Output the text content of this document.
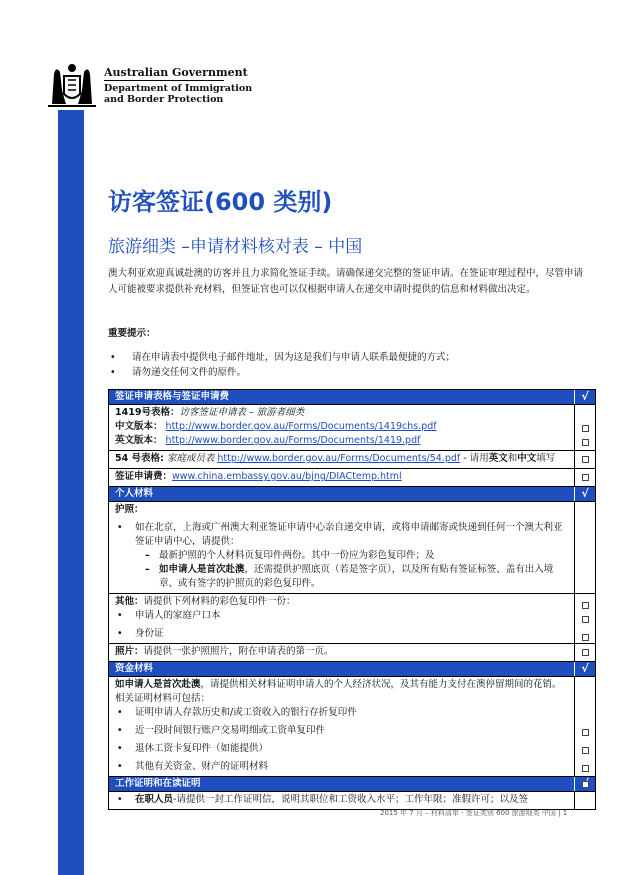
Australian Government
Department of Immigration
and Border Protection
访客签证(600 类别)
旅游细类 –申请材料核对表 – 中国
澳大利亚欢迎真诚赴澳的访客并且力求简化签证手续。请确保递交完整的签证申请。在签证审理过程中，尽管申请人可能被要求提供补充材料，但签证官也可以仅根据申请人在递交申请时提供的信息和材料做出决定。
重要提示：
• 请在申请表中提供电子邮件地址，因为这是我们与申请人联系最便捷的方式；
• 请勿递交任何文件的原件。
签证申请表格与签证申请费	√
1419号表格：访客签证申请表 – 旅游者细类
中文版本： http://www.border.gov.au/Forms/Documents/1419chs.pdf
英文版本： http://www.border.gov.au/Forms/Documents/1419.pdf
54 号表格: 家庭成员表 http://www.border.gov.au/Forms/Documents/54.pdf - 请用英文和中文填写
签证申请费：www.china.embassy.gov.au/bjng/DIACtemp.html
个人材料	√
护照：
• 如在北京，上海或广州澳大利亚签证申请中心亲自递交申请，或将申请邮寄或快递到任何一个澳大利亚签证申请中心，请提供：
– 最新护照的个人材料页复印件两份。其中一份应为彩色复印件；及
– 如申请人是首次赴澳，还需提供护照底页（若是签字页），以及所有贴有签证标签、盖有出入境章、或有签字的护照页的彩色复印件。
其他：请提供下列材料的彩色复印件一份：
• 申请人的家庭户口本
• 身份证
照片：请提供一张护照照片，附在申请表的第一页。
资金材料	√
如申请人是首次赴澳，请提供相关材料证明申请人的个人经济状况，及其有能力支付在澳停留期间的花销。相关证明材料可包括：
• 证明申请人存款历史和/或工资收入的银行存折复印件
• 近一段时间银行账户交易明细或工资单复印件
• 退休工资卡复印件（如能提供）
• 其他有关资金、财产的证明材料
工作证明和在读证明
• 在职人员-请提供一封工作证明信，说明其职位和工资收入水平；工作年限；准假许可；以及签
2015 年 7 月 – 材料清单 - 签证类别 600 旅游细类 中国 | 1
